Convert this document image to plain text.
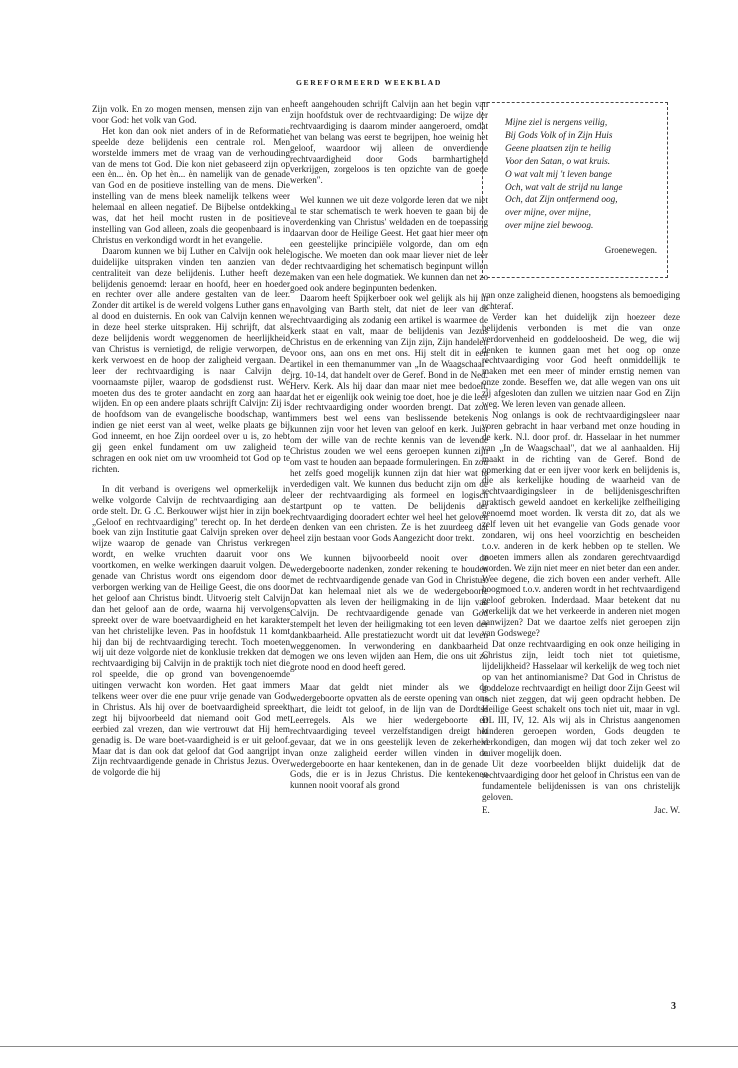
GEREFORMEERD WEEKBLAD

Zijn volk. En zo mogen mensen, mensen zijn van en voor God: het volk van God.

Het kon dan ook niet anders of in de Reformatie speelde deze belijdenis een centrale rol. Men worstelde immers met de vraag van de verhouding van de mens tot God. Die kon niet gebaseerd zijn op een èn... èn. Op het èn... èn namelijk van de genade van God en de positieve instelling van de mens. Die instelling van de mens bleek namelijk telkens weer helemaal en alleen negatief. De Bijbelse ontdekking was, dat het heil mocht rusten in de positieve instelling van God alleen, zoals die geopenbaard is in Christus en verkondigd wordt in het evangelie.

Daarom kunnen we bij Luther en Calvijn ook hele duidelijke uitspraken vinden ten aanzien van de centraliteit van deze belijdenis. Luther heeft deze belijdenis genoemd: leraar en hoofd, heer en hoeder en rechter over alle andere gestalten van de leer. Zonder dit artikel is de wereld volgens Luther gans en al dood en duisternis. En ook van Calvijn kennen we in deze heel sterke uitspraken. Hij schrijft, dat als deze belijdenis wordt weggenomen de heerlijkheid van Christus is vernietigd, de religie verworpen, de kerk verwoest en de hoop der zaligheid vergaan. De leer der rechtvaardiging is naar Calvijn de voornaamste pijler, waarop de godsdienst rust. We moeten dus des te groter aandacht en zorg aan haar wijden. En op een andere plaats schrijft Calvijn: Zij is de hoofdsom van de evangelische boodschap, want indien ge niet eerst van al weet, welke plaats ge bij God inneemt, en hoe Zijn oordeel over u is, zo hebt gij geen enkel fundament om uw zaligheid te schragen en ook niet om uw vroomheid tot God op te richten.

In dit verband is overigens wel opmerkelijk in welke volgorde Calvijn de rechtvaardiging aan de orde stelt. Dr. G .C. Berkouwer wijst hier in zijn boek „Geloof en rechtvaardiging" terecht op. In het derde boek van zijn Institutie gaat Calvijn spreken over de wijze waarop de genade van Christus verkregen wordt, en welke vruchten daaruit voor ons voortkomen, en welke werkingen daaruit volgen. De genade van Christus wordt ons eigendom door de verborgen werking van de Heilige Geest, die ons door het geloof aan Christus bindt. Uitvoerig stelt Calvijn dan het geloof aan de orde, waarna hij vervolgens spreekt over de ware boetvaardigheid en het karakter van het christelijke leven. Pas in hoofdstuk 11 komt hij dan bij de rechtvaardiging terecht. Toch moeten wij uit deze volgorde niet de konklusie trekken dat de rechtvaardiging bij Calvijn in de praktijk toch niet die rol speelde, die op grond van bovengenoemde uitingen verwacht kon worden. Het gaat immers telkens weer over die ene puur vrije genade van God in Christus. Als hij over de boetvaardigheid spreekt zegt hij bijvoorbeeld dat niemand ooit God met eerbied zal vrezen, dan wie vertrouwt dat Hij hem genadig is. De ware boet-vaardigheid is er uit geloof. Maar dat is dan ook dat geloof dat God aangrijpt in Zijn rechtvaardigende genade in Christus Jezus. Over de volgorde die hij

heeft aangehouden schrijft Calvijn aan het begin van zijn hoofdstuk over de rechtvaardiging: De wijze der rechtvaardiging is daarom minder aangeroerd, omdat het van belang was eerst te begrijpen, hoe weinig het geloof, waardoor wij alleen de onverdiende rechtvaardigheid door Gods barmhartigheid verkrijgen, zorgeloos is ten opzichte van de goede werken".

Wel kunnen we uit deze volgorde leren dat we niet al te star schematisch te werk hoeven te gaan bij de overdenking van Christus' weldaden en de toepassing daarvan door de Heilige Geest. Het gaat hier meer om een geestelijke principiële volgorde, dan om een logische. We moeten dan ook maar liever niet de leer der rechtvaardiging het schematisch beginpunt willen maken van een hele dogmatiek. We kunnen dan net zo goed ook andere beginpunten bedenken.

Daarom heeft Spijkerboer ook wel gelijk als hij in navolging van Barth stelt, dat niet de leer van de rechtvaardiging als zodanig een artikel is waarmee de kerk staat en valt, maar de belijdenis van Jezus Christus en de erkenning van Zijn zijn, Zijn handelen voor ons, aan ons en met ons. Hij stelt dit in een artikel in een themanummer van „In de Waagschaal" jrg. 10-14, dat handelt over de Geref. Bond in de Ned. Herv. Kerk. Als hij daar dan maar niet mee bedoelt, dat het er eigenlijk ook weinig toe doet, hoe je die leer der rechtvaardiging onder woorden brengt. Dat zou immers best wel eens van beslissende betekenis kunnen zijn voor het leven van geloof en kerk. Juist om der wille van de rechte kennis van de levende Christus zouden we wel eens geroepen kunnen zijn om vast te houden aan bepaade formuleringen. En zou het zelfs goed mogelijk kunnen zijn dat hier wat te verdedigen valt. We kunnen dus beducht zijn om de leer der rechtvaardiging als formeel en logisch startpunt op te vatten. De belijdenis der rechtvaardiging dooradert echter wel heel het geloven en denken van een christen. Ze is het zuurdeeg dat heel zijn bestaan voor Gods Aangezicht door trekt.

We kunnen bijvoorbeeld nooit over de wedergeboorte nadenken, zonder rekening te houden met de rechtvaardigende genade van God in Christus. Dat kan helemaal niet als we de wedergeboorte opvatten als leven der heiligmaking in de lijn van Calvijn. De rechtvaardigende genade van God stempelt het leven der heiligmaking tot een leven der dankbaarheid. Alle prestatiezucht wordt uit dat leven weggenomen. In verwondering en dankbaarheid mogen we ons leven wijden aan Hem, die ons uit zo grote nood en dood heeft gered.

Maar dat geldt niet minder als we de wedergeboorte opvatten als de eerste opening van ons hart, die leidt tot geloof, in de lijn van de Dordtse Leerregels. Als we hier wedergeboorte en rechtvaardiging teveel verzelfstandigen dreigt het gevaar, dat we in ons geestelijk leven de zekerheid van onze zaligheid eerder willen vinden in de wedergeboorte en haar kentekenen, dan in de genade Gods, die er is in Jezus Christus. Die kentekenen kunnen nooit vooraf als grond

Mijne ziel is nergens veilig,
Bij Gods Volk of in Zijn Huis
Geene plaatsen zijn te heilig
Voor den Satan, o wat kruis.
O wat valt mij 't leven bange
Och, wat valt de strijd nu lange
Och, dat Zijn ontfermend oog,
over mijne, over mijne,
over mijne ziel bewoog.
Groenewegen.

van onze zaligheid dienen, hoogstens als bemoediging achteraf.

Verder kan het duidelijk zijn hoezeer deze belijdenis verbonden is met die van onze verdorvenheid en goddeloosheid. De weg, die wij denken te kunnen gaan met het oog op onze rechtvaardiging voor God heeft onmiddellijk te maken met een meer of minder ernstig nemen van onze zonde. Beseffen we, dat alle wegen van ons uit zij afgesloten dan zullen we uitzien naar God en Zijn weg. We leren leven van genade alleen.

Nog onlangs is ook de rechtvaardigingsleer naar voren gebracht in haar verband met onze houding in de kerk. N.l. door prof. dr. Hasselaar in het nummer van „In de Waagschaal", dat we al aanhaalden. Hij maakt in de richting van de Geref. Bond de opmerking dat er een ijver voor kerk en belijdenis is, die als kerkelijke houding de waarheid van de rechtvaardigingsleer in de belijdenisgeschriften praktisch geweld aandoet en kerkelijke zelfheiliging genoemd moet worden. Ik versta dit zo, dat als we zelf leven uit het evangelie van Gods genade voor zondaren, wij ons heel voorzichtig en bescheiden t.o.v. anderen in de kerk hebben op te stellen. We moeten immers allen als zondaren gerechtvaardigd worden. We zijn niet meer en niet beter dan een ander. Wee degene, die zich boven een ander verheft. Alle hoogmoed t.o.v. anderen wordt in het rechtvaardigend geloof gebroken. Inderdaad. Maar betekent dat nu werkelijk dat we het verkeerde in anderen niet mogen aanwijzen? Dat we daartoe zelfs niet geroepen zijn van Godswege?

Dat onze rechtvaardiging en ook onze heiliging in Christus zijn, leidt toch niet tot quietisme, lijdelijkheid? Hasselaar wil kerkelijk de weg toch niet op van het antinomianisme? Dat God in Christus de goddeloze rechtvaardigt en heiligt door Zijn Geest wil toch niet zeggen, dat wij geen opdracht hebben. De Heilige Geest schakelt ons toch niet uit, maar in vgl. DL III, IV, 12. Als wij als in Christus aangenomen kinderen geroepen worden, Gods deugden te verkondigen, dan mogen wij dat toch zeker wel zo zuiver mogelijk doen.

Uit deze voorbeelden blijkt duidelijk dat de rechtvaardiging door het geloof in Christus een van de fundamentele belijdenissen is van ons christelijk geloven.

E.	Jac. W.
3
